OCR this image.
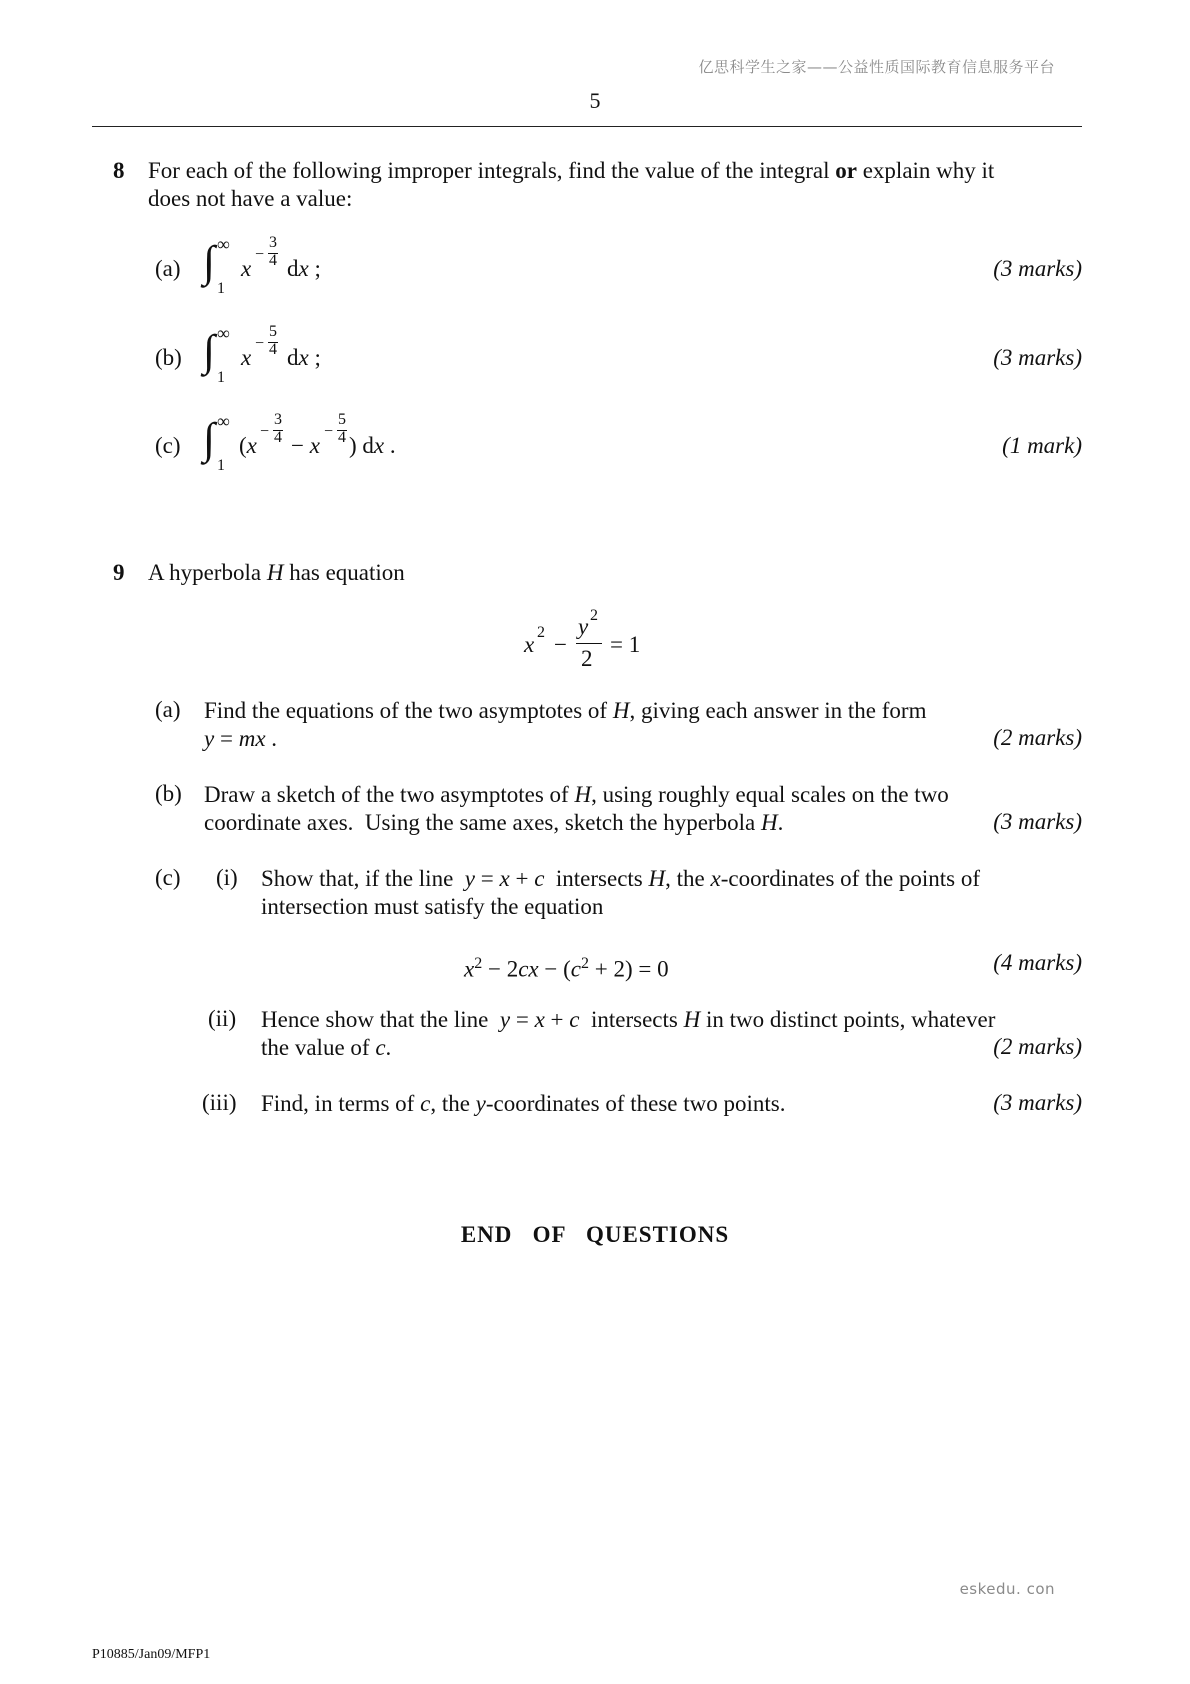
亿思科学生之家——公益性质国际教育信息服务平台
5
8 For each of the following improper integrals, find the value of the integral or explain why it
does not have a value:
(a) ∫
1
∞
x
−
3
4 dx ;	(3 marks)
(b) ∫
1
∞
x
−
5
4 dx ;	(3 marks)
(c) ∫
1
∞
(x
−
3
4 − x
−
5
4 ) dx .	(1 mark)
9 A hyperbola H has equation
x 2 −
y 2
2
= 1
(a) Find the equations of the two asymptotes of H, giving each answer in the form
y = mx .	(2 marks)
(b) Draw a sketch of the two asymptotes of H, using roughly equal scales on the two
coordinate axes.  Using the same axes, sketch the hyperbola H.	(3 marks)
(c) (i) Show that, if the line  y = x + c  intersects H, the x-coordinates of the points of
intersection must satisfy the equation
$x^2 - 2cx - (c^2 + 2) = 0$	(4 marks)
(ii) Hence show that the line  y = x + c  intersects H in two distinct points, whatever
the value of c.	(2 marks)
(iii) Find, in terms of c, the y-coordinates of these two points.	(3 marks)
END   OF   QUESTIONS
eskedu. con
P10885/Jan09/MFP1
